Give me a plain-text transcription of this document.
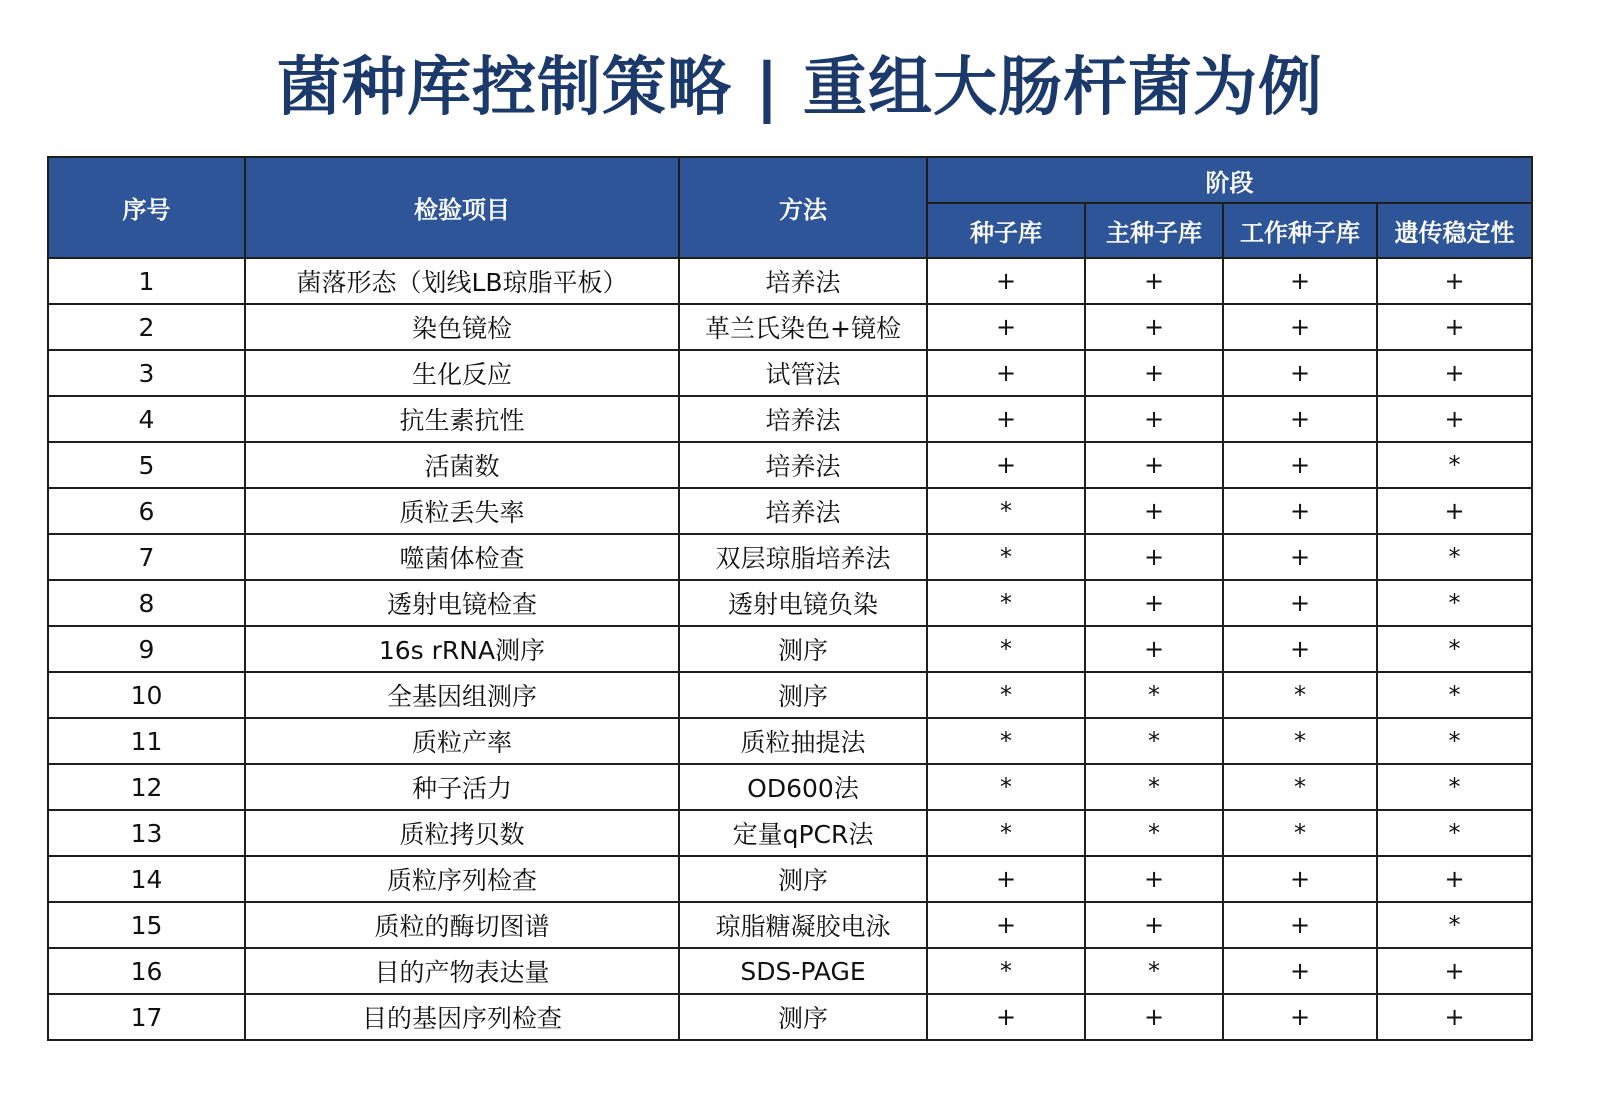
菌种库控制策略 | 重组大肠杆菌为例
序号	检验项目	方法	阶段			
			种子库	主种子库	工作种子库	遗传稳定性
1	菌落形态（划线LB琼脂平板）	培养法	+	+	+	+
2	染色镜检	革兰氏染色+镜检	+	+	+	+
3	生化反应	试管法	+	+	+	+
4	抗生素抗性	培养法	+	+	+	+
5	活菌数	培养法	+	+	+	*
6	质粒丢失率	培养法	*	+	+	+
7	噬菌体检查	双层琼脂培养法	*	+	+	*
8	透射电镜检查	透射电镜负染	*	+	+	*
9	16s rRNA测序	测序	*	+	+	*
10	全基因组测序	测序	*	*	*	*
11	质粒产率	质粒抽提法	*	*	*	*
12	种子活力	OD600法	*	*	*	*
13	质粒拷贝数	定量qPCR法	*	*	*	*
14	质粒序列检查	测序	+	+	+	+
15	质粒的酶切图谱	琼脂糖凝胶电泳	+	+	+	*
16	目的产物表达量	SDS-PAGE	*	*	+	+
17	目的基因序列检查	测序	+	+	+	+
